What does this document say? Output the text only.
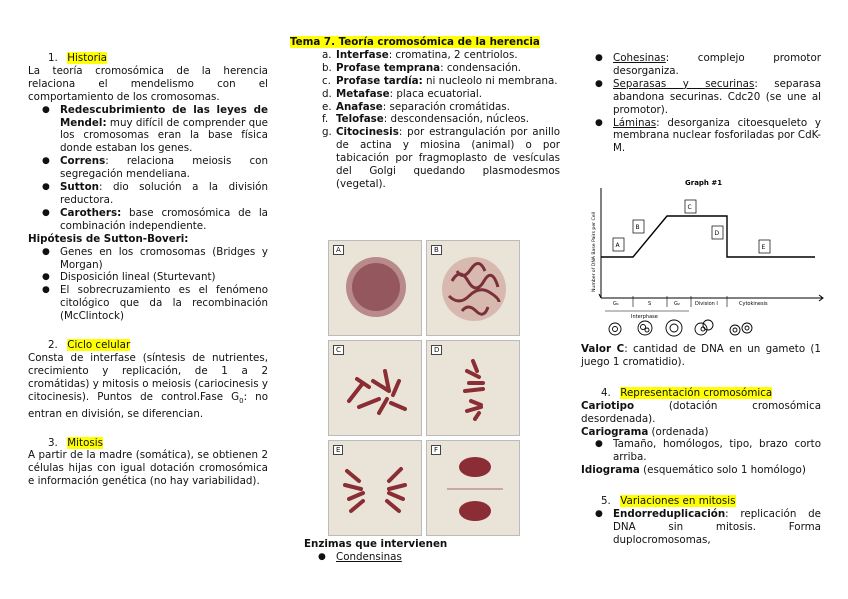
1. Historia

La teoría cromosómica de la herencia relaciona el mendelismo con el comportamiento de los cromosomas.

● Redescubrimiento de las leyes de Mendel: muy difícil de comprender que los cromosomas eran la base física donde estaban los genes.
● Correns: relaciona meiosis con segregación mendeliana.
● Sutton: dio solución a la división reductora.
● Carothers: base cromosómica de la combinación independiente.

Hipótesis de Sutton-Boveri:

● Genes en los cromosomas (Bridges y Morgan)
● Disposición lineal (Sturtevant)
● El sobrecruzamiento es el fenómeno citológico que da la recombinación (McClintock)
2. Ciclo celular

Consta de interfase (síntesis de nutrientes, crecimiento y replicación, de 1 a 2 cromátidas) y mitosis o meiosis (cariocinesis y citocinesis). Puntos de control.Fase $G_0$: no entran en división, se diferencian.

3. Mitosis

A partir de la madre (somática), se obtienen 2 células hijas con igual dotación cromosómica e información genética (no hay variabilidad).

Tema 7. Teoría cromosómica de la herencia

a. Interfase: cromatina, 2 centriolos.
b. Profase temprana: condensación.
c. Profase tardía: ni nucleolo ni membrana.
d. Metafase: placa ecuatorial.
e. Anafase: separación cromátidas.
f. Telofase: descondensación, núcleos.
g. Citocinesis: por estrangulación por anillo de actina y miosina (animal) o por tabicación por fragmoplasto de vesículas del Golgi quedando plasmodesmos (vegetal).
A	B
C	D
E	F

Enzimas que intervienen

● Condensinas
● Cohesinas: complejo promotor desorganiza.
● Separasas y securinas: separasa abandona securinas. Cdc20 (se une al promotor).
● Láminas: desorganiza citoesqueleto y membrana nuclear fosforiladas por CdK-M.
Graph #1
Number of DNA Base Pairs per Cell	A
B
C
D
E
G₁	S	G₂	Division I	Cytokinesis
Interphase

Valor C: cantidad de DNA en un gameto (1 juego 1 cromatidio).

4. Representación cromosómica

Cariotipo (dotación cromosómica desordenada).

Cariograma (ordenada)

● Tamaño, homólogos, tipo, brazo corto arriba.

Idiograma (esquemático solo 1 homólogo)

5. Variaciones en mitosis
● Endorreduplicación: replicación de DNA sin mitosis. Forma duplocromosomas,
